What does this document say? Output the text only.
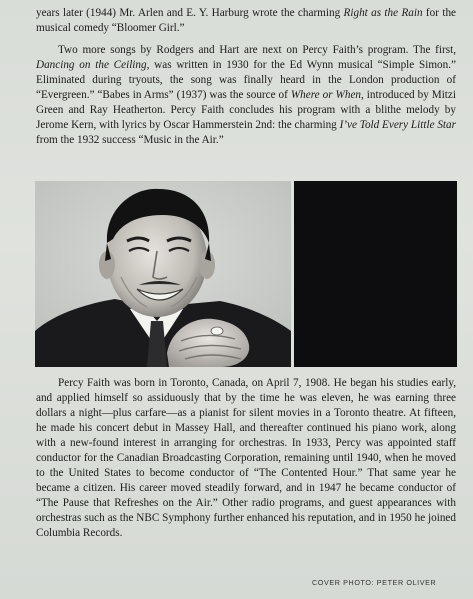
years later (1944) Mr. Arlen and E. Y. Harburg wrote the charming Right as the Rain for the musical comedy “Bloomer Girl.”

Two more songs by Rodgers and Hart are next on Percy Faith’s program. The first, Dancing on the Ceiling, was written in 1930 for the Ed Wynn musical “Simple Simon.” Eliminated during tryouts, the song was finally heard in the London production of “Evergreen.” “Babes in Arms” (1937) was the source of Where or When, introduced by Mitzi Green and Ray Heatherton. Percy Faith concludes his program with a blithe melody by Jerome Kern, with lyrics by Oscar Hammerstein 2nd: the charming I’ve Told Every Little Star from the 1932 success “Music in the Air.”

Percy Faith was born in Toronto, Canada, on April 7, 1908. He began his studies early, and applied himself so assiduously that by the time he was eleven, he was earning three dollars a night—plus carfare—as a pianist for silent movies in a Toronto theatre. At fifteen, he made his concert debut in Massey Hall, and thereafter continued his piano work, along with a new-found interest in arranging for orchestras. In 1933, Percy was appointed staff conductor for the Canadian Broadcasting Corporation, remaining until 1940, when he moved to the United States to become conductor of “The Contented Hour.” That same year he became a citizen. His career moved steadily forward, and in 1947 he became conductor of “The Pause that Refreshes on the Air.” Other radio programs, and guest appearances with orchestras such as the NBC Symphony further enhanced his reputation, and in 1950 he joined Columbia Records.

COVER PHOTO: PETER OLIVER
